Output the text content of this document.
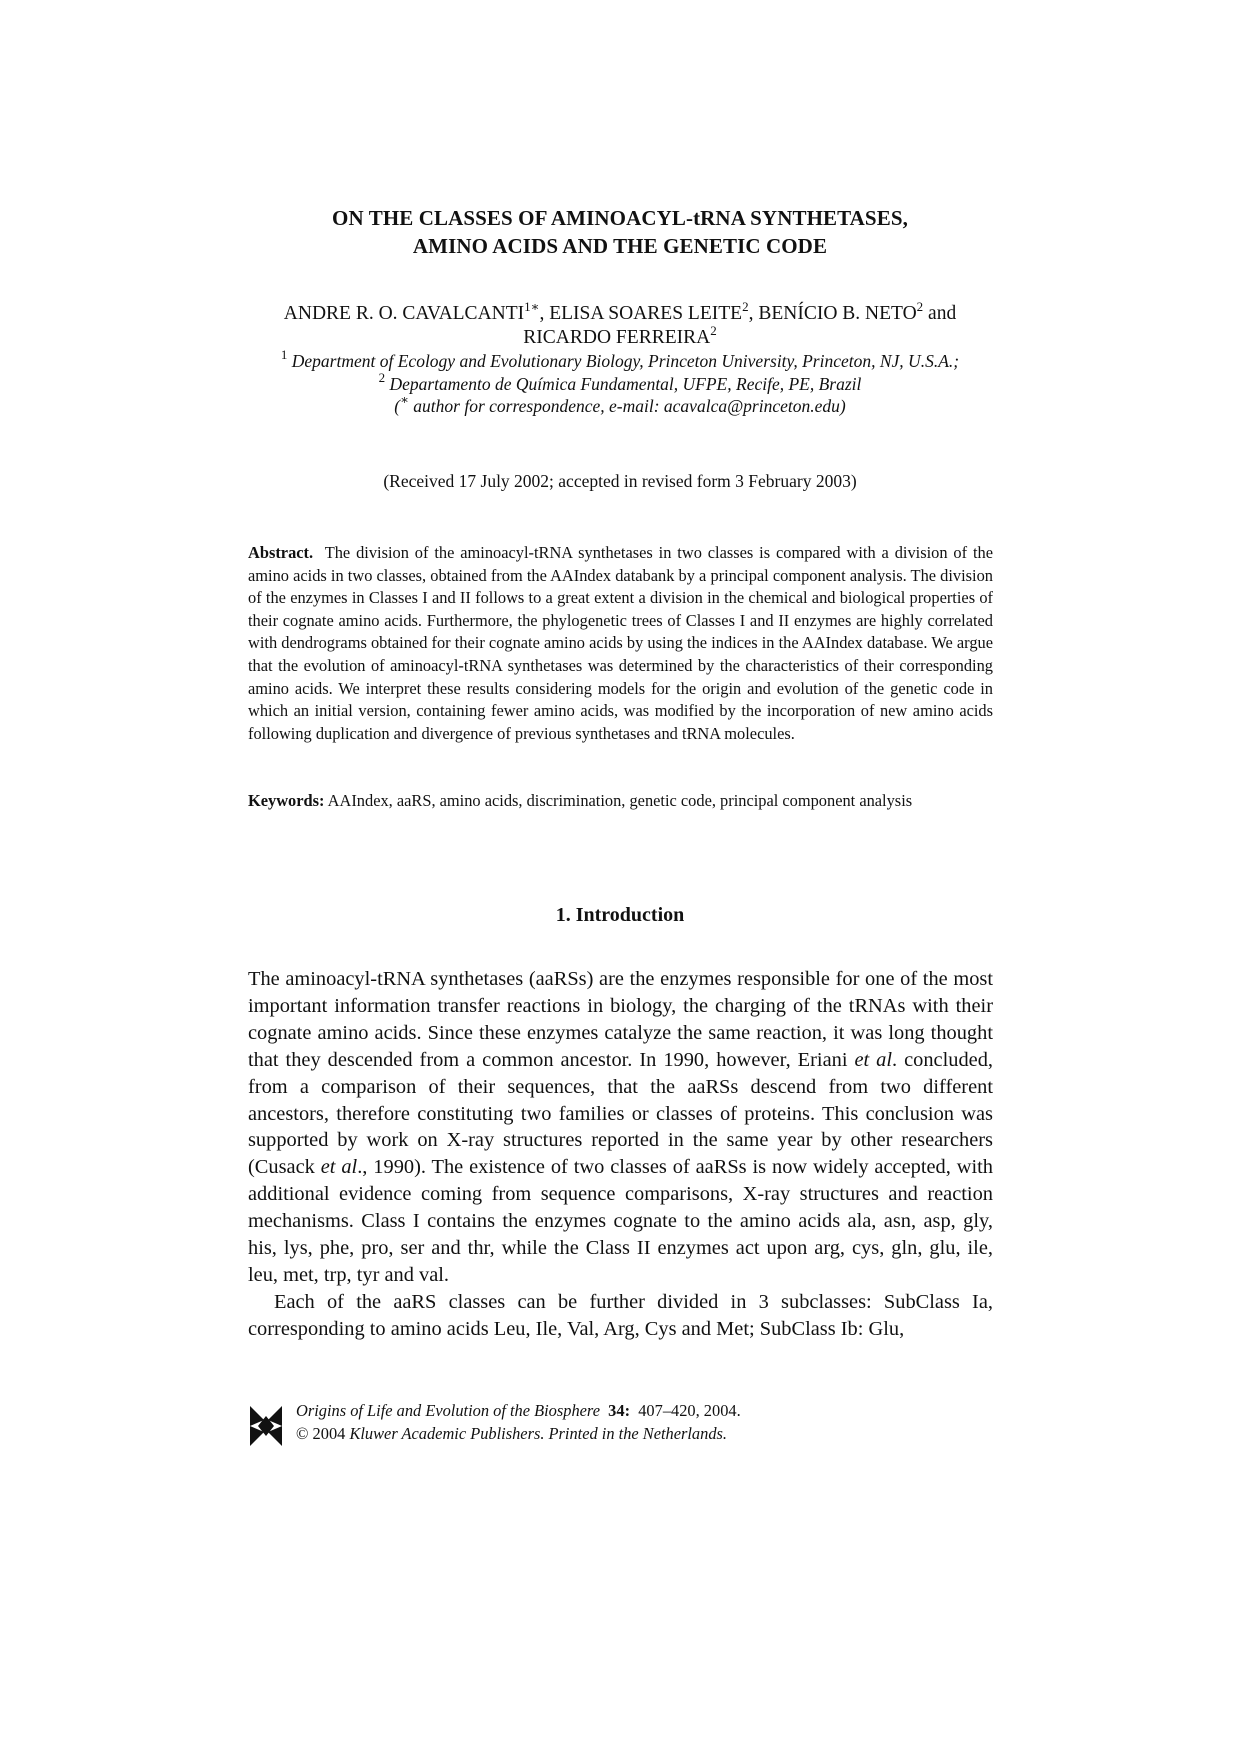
ON THE CLASSES OF AMINOACYL-tRNA SYNTHETASES,
AMINO ACIDS AND THE GENETIC CODE
ANDRE R. O. $CAVALCANTI^{1∗}$, ELISA SOARES LEITE$^2$, BENÍCIO B. NETO$^2$ and
RICARDO FERREIRA$^2$
$^1$ Department of Ecology and Evolutionary Biology, Princeton University, Princeton, NJ, U.S.A.;
$^2$ Departamento de Química Fundamental, UFPE, Recife, PE, Brazil
(∗ author for correspondence, e-mail: acavalca@princeton.edu)
(Received 17 July 2002; accepted in revised form 3 February 2003)
Abstract. The division of the aminoacyl-tRNA synthetases in two classes is compared with a division of the amino acids in two classes, obtained from the AAIndex databank by a principal component analysis. The division of the enzymes in Classes I and II follows to a great extent a division in the chemical and biological properties of their cognate amino acids. Furthermore, the phylogenetic trees of Classes I and II enzymes are highly correlated with dendrograms obtained for their cognate amino acids by using the indices in the AAIndex database. We argue that the evolution of aminoacyl-tRNA synthetases was determined by the characteristics of their corresponding amino acids. We interpret these results considering models for the origin and evolution of the genetic code in which an initial version, containing fewer amino acids, was modified by the incorporation of new amino acids following duplication and divergence of previous synthetases and tRNA molecules.
Keywords: AAIndex, aaRS, amino acids, discrimination, genetic code, principal component analysis
1. Introduction

The aminoacyl-tRNA synthetases (aaRSs) are the enzymes responsible for one of the most important information transfer reactions in biology, the charging of the tRNAs with their cognate amino acids. Since these enzymes catalyze the same reaction, it was long thought that they descended from a common ancestor. In 1990, however, Eriani et al. concluded, from a comparison of their sequences, that the aaRSs descend from two different ancestors, therefore constituting two families or classes of proteins. This conclusion was supported by work on X-ray structures reported in the same year by other researchers (Cusack et al., 1990). The existence of two classes of aaRSs is now widely accepted, with additional evidence coming from sequence comparisons, X-ray structures and reaction mechanisms. Class I contains the enzymes cognate to the amino acids ala, asn, asp, gly, his, lys, phe, pro, ser and thr, while the Class II enzymes act upon arg, cys, gln, glu, ile, leu, met, trp, tyr and val.

Each of the aaRS classes can be further divided in 3 subclasses: SubClass Ia, corresponding to amino acids Leu, Ile, Val, Arg, Cys and Met; SubClass Ib: Glu,

Origins of Life and Evolution of the Biosphere 34: 407–420, 2004.
© 2004 Kluwer Academic Publishers. Printed in the Netherlands.
